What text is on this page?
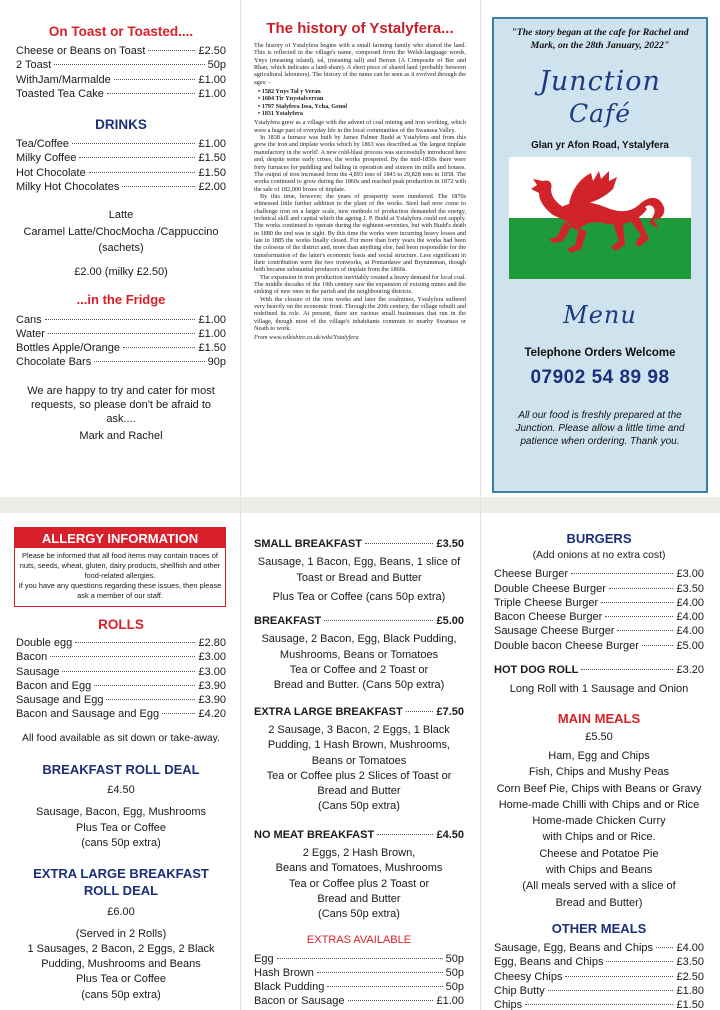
On Toast or Toasted....
Cheese or Beans on Toast	£2.50
2 Toast	50p
WithJam/Marmalde	£1.00
Toasted Tea Cake	£1.00
DRINKS
Tea/Coffee	£1.00
Milky Coffee	£1.50
Hot Chocolate	£1.50
Milky Hot Chocolates	£2.00
Latte
Caramel Latte/ChocMocha /Cappuccino
(sachets)
£2.00 (milky £2.50)
...in the Fridge
Cans	£1.00
Water	£1.00
Bottles Apple/Orange	£1.50
Chocolate Bars	90p
We are happy to try and cater for most requests, so please don't be afraid to ask....
Mark and Rachel
The history of Ystalyfera...

The history of Ystalyfera begins with a small farming family who shared the land. This is reflected in the village's name, composed from the Welsh-language words, Ynys (meaning island), tal, (meaning tall) and Berran (A Composite of Ber and Rhan, which indicates a land-share). A short piece of shared land (probably between agricultural labourers). The history of the name can be seen as it evolved through the ages: -

• 1582 Ynys Tal y Veran
• 1604 Tir Ynystalverran
• 1797 Stalyfera Issa, Ycha, Genol
• 1831 Ystalyfera

Ystalyfera grew as a village with the advent of coal mining and iron working, which were a huge part of everyday life in the local communities of the Swansea Valley.

In 1838 a furnace was built by James Palmer Budd at Ystalyfera and from this grew the iron and tinplate works which by 1863 was described as 'the largest tinplate manufactory in the world'. A new cold-blast process was successfully introduced here and, despite some early crises, the works prospered. By the mid-1850s there were forty furnaces for puddling and balling in operation and sixteen tin mills and houses. The output of iron increased from the 4,893 tons of 1843 to 29,828 tons in 1858. The works continued to grow during the 1860s and reached peak production in 1872 with the sale of 182,000 boxes of tinplate.

By this time, however, the years of prosperity were numbered. The 1870s witnessed little further addition to the plant of the works. Steel had now come to challenge iron on a larger scale, new methods of production demanded the energy, technical skill and capital which the ageing J. P. Budd at Ystalyfera could not supply. The works continued to operate during the eighteen-seventies, but with Budd's death in 1880 the end was in sight. By this time the works were incurring heavy losses and late in 1885 the works finally closed. For more than forty years the works had been the colossus of the district and, more than anything else, had been responsible for the transformation of the latter's economic basis and social structure. Less significant in their contribution were the two ironworks, at Pontardawe and Brynamman, though both became substantial producers of tinplate from the 1860s.

The expansion in iron production inevitably created a heavy demand for local coal. The middle decades of the 19th century saw the expansion of existing mines and the sinking of new ones in the parish and the neighbouring districts.

With the closure of the iron works and later the coalmines, Ystalyfera suffered very heavily on the economic front. Through the 20th century, the village rebuilt and redefined its role. At present, there are various small businesses that run in the village, though most of the village's inhabitants commute to nearby Swansea or Neath to work.

From www.wikishire.co.uk/wiki/Ystalyfera

"The story began at the cafe for Rachel and Mark, on the 28th January, 2022"
Junction
Café
Glan yr Afon Road, Ystalyfera
Menu
Telephone Orders Welcome
07902 54 89 98
All our food is freshly prepared at the Junction. Please allow a little time and patience when ordering. Thank you.
ALLERGY INFORMATION
Please be informed that all food items may contain traces of nuts, seeds, wheat, gluten, dairy products, shellfish and other food-related allergies.
If you have any questions regarding these issues, then please ask a member of our staff.
ROLLS
Double egg	£2.80
Bacon	£3.00
Sausage	£3.00
Bacon and Egg	£3.90
Sausage and Egg	£3.90
Bacon and Sausage and Egg	£4.20
All food available as sit down or take-away.
BREAKFAST ROLL DEAL
£4.50
Sausage, Bacon, Egg, Mushrooms
Plus Tea or Coffee
(cans 50p extra)
EXTRA LARGE BREAKFAST
ROLL DEAL
£6.00
(Served in 2 Rolls)
1 Sausages, 2 Bacon, 2 Eggs, 2 Black
Pudding, Mushrooms and Beans
Plus Tea or Coffee
(cans 50p extra)
SMALL BREAKFAST	£3.50
Sausage, 1 Bacon, Egg, Beans, 1 slice of
Toast or Bread and Butter
Plus Tea or Coffee (cans 50p extra)
BREAKFAST	£5.00
Sausage, 2 Bacon, Egg, Black Pudding,
Mushrooms, Beans or Tomatoes
Tea or Coffee and 2 Toast or
Bread and Butter. (Cans 50p extra)
EXTRA LARGE BREAKFAST	£7.50
2 Sausage, 3 Bacon, 2 Eggs, 1 Black
Pudding, 1 Hash Brown, Mushrooms,
Beans or Tomatoes
Tea or Coffee plus 2 Slices of Toast or
Bread and Butter
(Cans 50p extra)
NO MEAT BREAKFAST	£4.50
2 Eggs, 2 Hash Brown,
Beans and Tomatoes, Mushrooms
Tea or Coffee plus 2 Toast or
Bread and Butter
(Cans 50p extra)
EXTRAS AVAILABLE
Egg	50p
Hash Brown	50p
Black Pudding	50p
Bacon or Sausage	£1.00
BURGERS
(Add onions at no extra cost)
Cheese Burger	£3.00
Double Cheese Burger	£3.50
Triple Cheese Burger	£4.00
Bacon Cheese Burger	£4.00
Sausage Cheese Burger	£4.00
Double bacon Cheese Burger	£5.00
HOT DOG ROLL	£3.20
Long Roll with 1 Sausage and Onion
MAIN MEALS
£5.50
Ham, Egg and Chips
Fish, Chips and Mushy Peas
Corn Beef Pie, Chips with Beans or Gravy
Home-made Chilli with Chips and or Rice
Home-made Chicken Curry
with Chips and or Rice.
Cheese and Potatoe Pie
with Chips and Beans
(All meals served with a slice of
Bread and Butter)
OTHER MEALS
Sausage, Egg, Beans and Chips £4.00
Egg, Beans and Chips	£3.50
Cheesy Chips	£2.50
Chip Butty	£1.80
Chips	£1.50
